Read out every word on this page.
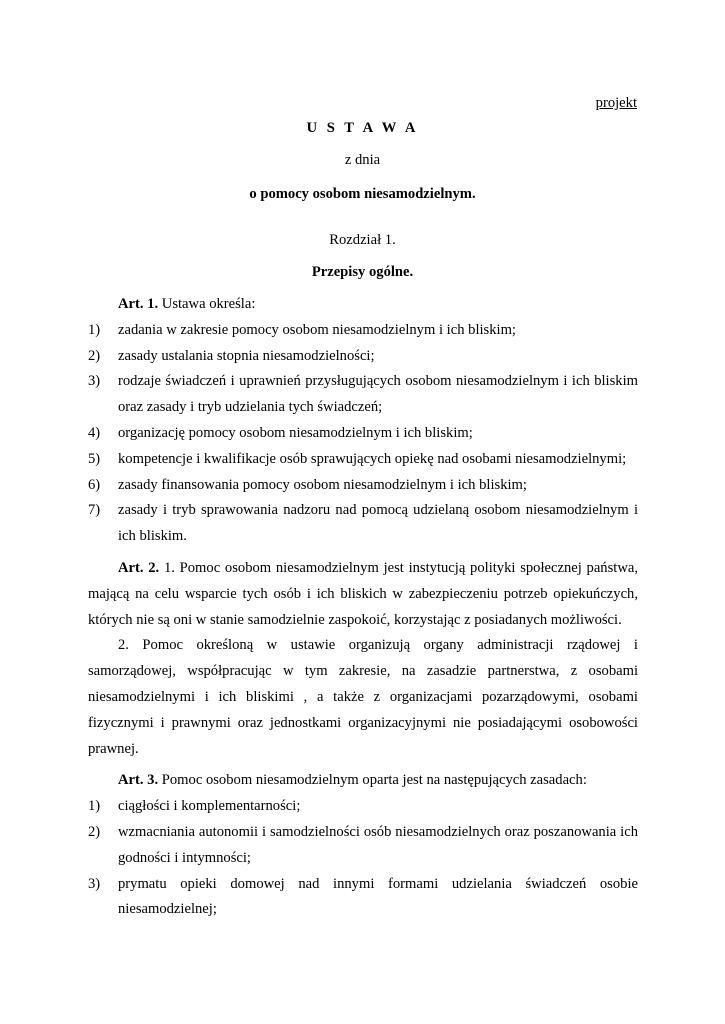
projekt
U S T A W A
z dnia
o pomocy osobom niesamodzielnym.
Rozdział 1.
Przepisy ogólne.

Art. 1. Ustawa określa:

1) zadania w zakresie pomocy osobom niesamodzielnym i ich bliskim;
2) zasady ustalania stopnia niesamodzielności;
3) rodzaje świadczeń i uprawnień przysługujących osobom niesamodzielnym i ich bliskim oraz zasady i tryb udzielania tych świadczeń;
4) organizację pomocy osobom niesamodzielnym i ich bliskim;
5) kompetencje i kwalifikacje osób sprawujących opiekę nad osobami niesamodzielnymi;
6) zasady finansowania pomocy osobom niesamodzielnym i ich bliskim;
7) zasady i tryb sprawowania nadzoru nad pomocą udzielaną osobom niesamodzielnym i ich bliskim.

Art. 2. 1. Pomoc osobom niesamodzielnym jest instytucją polityki społecznej państwa, mającą na celu wsparcie tych osób i ich bliskich w zabezpieczeniu potrzeb opiekuńczych, których nie są oni w stanie samodzielnie zaspokoić, korzystając z posiadanych możliwości.

2. Pomoc określoną w ustawie organizują organy administracji rządowej i samorządowej, współpracując w tym zakresie, na zasadzie partnerstwa, z osobami niesamodzielnymi i ich bliskimi , a także z organizacjami pozarządowymi, osobami fizycznymi i prawnymi oraz jednostkami organizacyjnymi nie posiadającymi osobowości prawnej.

Art. 3. Pomoc osobom niesamodzielnym oparta jest na następujących zasadach:

1) ciągłości i komplementarności;
2) wzmacniania autonomii i samodzielności osób niesamodzielnych oraz poszanowania ich godności i intymności;
3) prymatu opieki domowej nad innymi formami udzielania świadczeń osobie niesamodzielnej;
